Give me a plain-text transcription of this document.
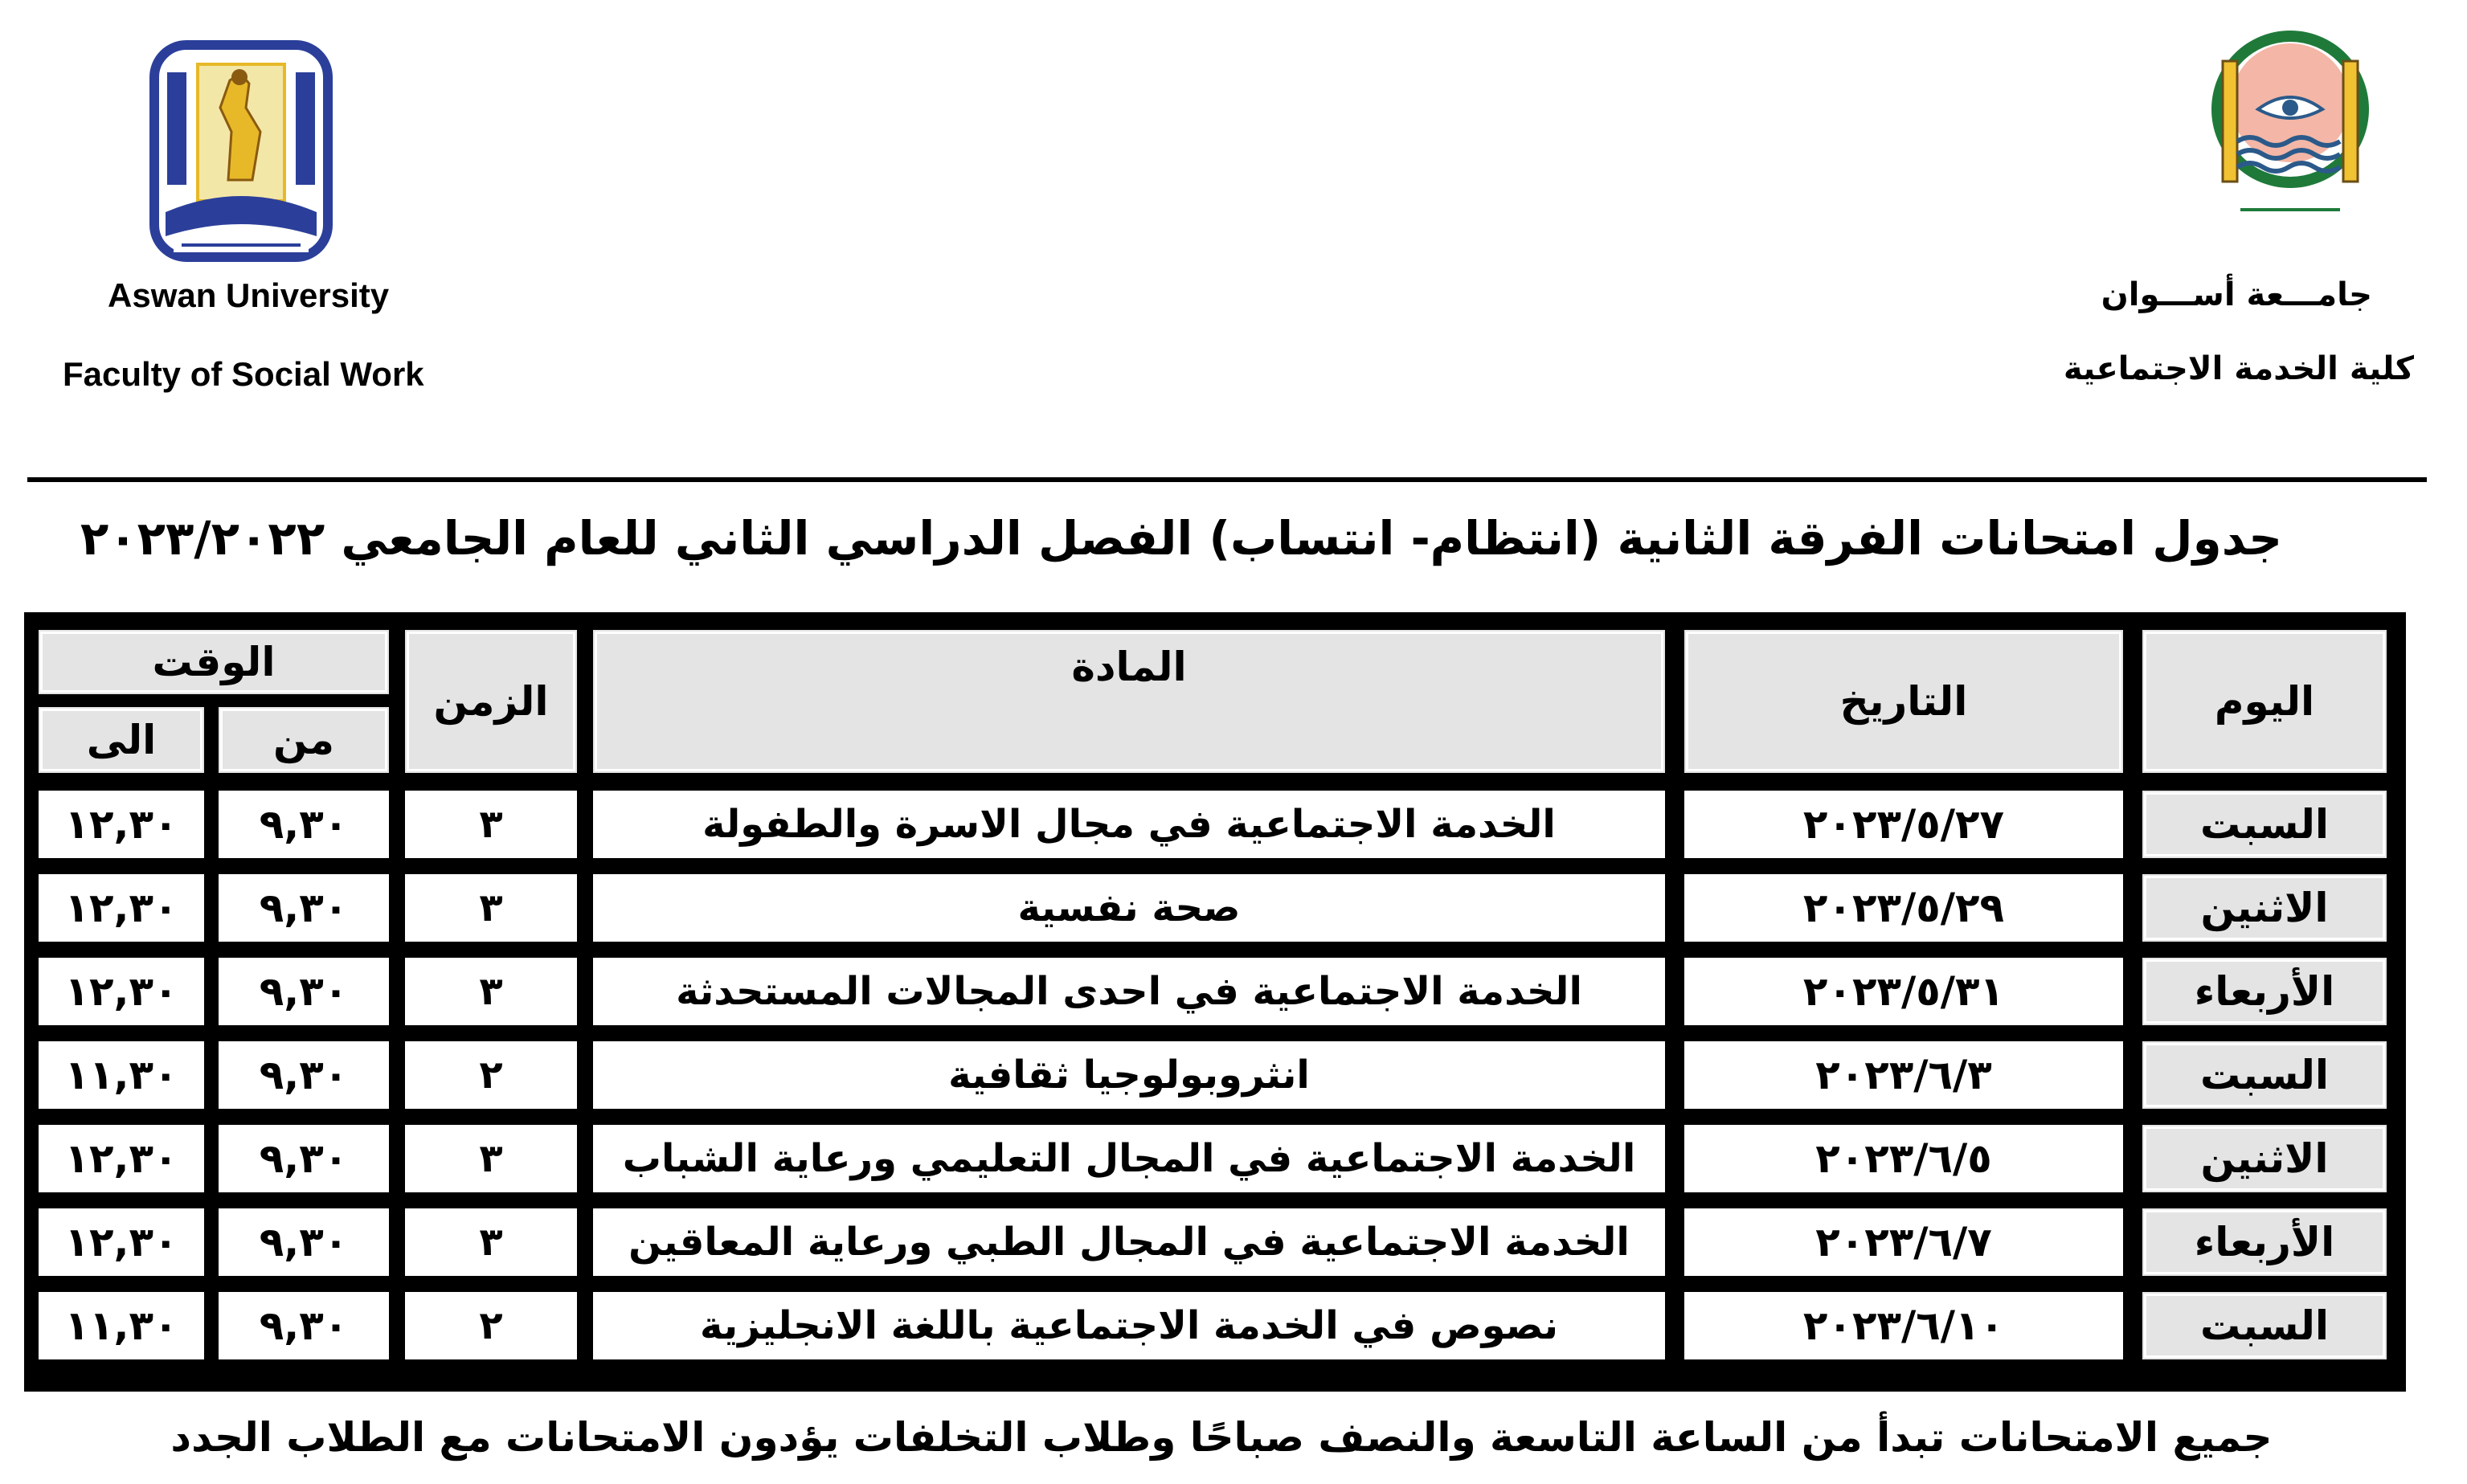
Aswan University
Faculty of Social Work
جامـــعة أســـوان
كلية الخدمة الاجتماعية
جدول امتحانات الفرقة الثانية (انتظام- انتساب) الفصل الدراسي الثاني للعام الجامعي ٢٠٢٣/٢٠٢٢
اليوم
التاريخ
المادة
الزمن
الوقت
من
الى
السبت
٢٠٢٣/٥/٢٧
الخدمة الاجتماعية في مجال الاسرة والطفولة
٣
٩,٣٠
١٢,٣٠
الاثنين
٢٠٢٣/٥/٢٩
صحة نفسية
٣
٩,٣٠
١٢,٣٠
الأربعاء
٢٠٢٣/٥/٣١
الخدمة الاجتماعية في احدى المجالات المستحدثة
٣
٩,٣٠
١٢,٣٠
السبت
٢٠٢٣/٦/٣
انثروبولوجيا ثقافية
٢
٩,٣٠
١١,٣٠
الاثنين
٢٠٢٣/٦/٥
الخدمة الاجتماعية في المجال التعليمي ورعاية الشباب
٣
٩,٣٠
١٢,٣٠
الأربعاء
٢٠٢٣/٦/٧
الخدمة الاجتماعية في المجال الطبي ورعاية المعاقين
٣
٩,٣٠
١٢,٣٠
السبت
٢٠٢٣/٦/١٠
نصوص في الخدمة الاجتماعية باللغة الانجليزية
٢
٩,٣٠
١١,٣٠
جميع الامتحانات تبدأ من الساعة التاسعة والنصف صباحًا وطلاب التخلفات يؤدون الامتحانات مع الطلاب الجدد
